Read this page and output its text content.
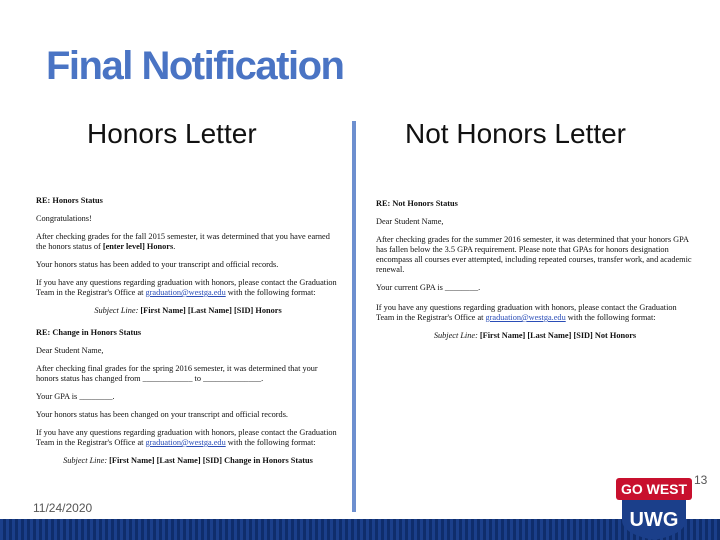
Final Notification
Honors Letter	Not Honors Letter

RE: Honors Status

Congratulations!

After checking grades for the fall 2015 semester, it was determined that you have earned the honors status of [enter level] Honors.

Your honors status has been added to your transcript and official records.

If you have any questions regarding graduation with honors, please contact the Graduation Team in the Registrar's Office at graduation@westga.edu with the following format:

Subject Line: [First Name] [Last Name] [SID] Honors

RE: Change in Honors Status

Dear Student Name,

After checking final grades for the spring 2016 semester, it was determined that your honors status has changed from ____________ to ______________.

Your GPA is ________.

Your honors status has been changed on your transcript and official records.

If you have any questions regarding graduation with honors, please contact the Graduation Team in the Registrar's Office at graduation@westga.edu with the following format:

Subject Line: [First Name] [Last Name] [SID] Change in Honors Status

RE: Not Honors Status

Dear Student Name,

After checking grades for the summer 2016 semester, it was determined that your honors GPA has fallen below the 3.5 GPA requirement. Please note that GPAs for honors designation encompass all courses ever attempted, including repeated courses, transfer work, and academic renewal.

Your current GPA is ________.

If you have any questions regarding graduation with honors, please contact the Graduation Team in the Registrar's Office at graduation@westga.edu with the following format:

Subject Line: [First Name] [Last Name] [SID] Not Honors

11/24/2020
13
GO WEST
UWG
